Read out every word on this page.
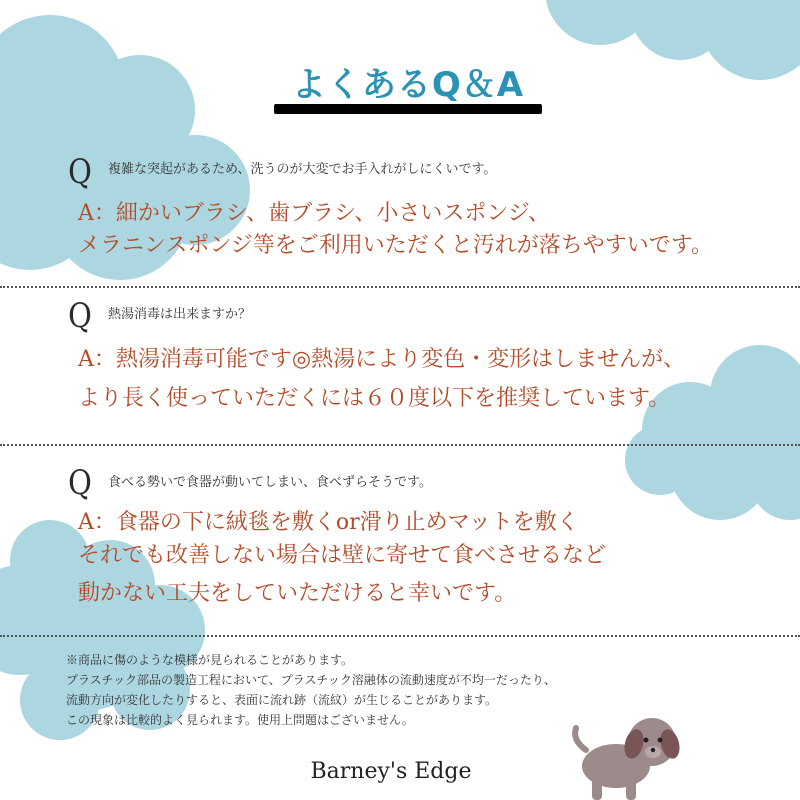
よくあるQ＆A
Q 複雑な突起があるため、洗うのが大変でお手入れがしにくいです。
A：細かいブラシ、歯ブラシ、小さいスポンジ、
メラニンスポンジ等をご利用いただくと汚れが落ちやすいです。
Q 熱湯消毒は出来ますか？
A：熱湯消毒可能です◎熱湯により変色・変形はしませんが、
より長く使っていただくには６０度以下を推奨しています。
Q 食べる勢いで食器が動いてしまい、食べずらそうです。
A：食器の下に絨毯を敷くor滑り止めマットを敷く
それでも改善しない場合は壁に寄せて食べさせるなど
動かない工夫をしていただけると幸いです。
※商品に傷のような模様が見られることがあります。
プラスチック部品の製造工程において、プラスチック溶融体の流動速度が不均一だったり、
流動方向が変化したりすると、表面に流れ跡（流紋）が生じることがあります。
この現象は比較的よく見られます。使用上問題はございません。
Barney's Edge
